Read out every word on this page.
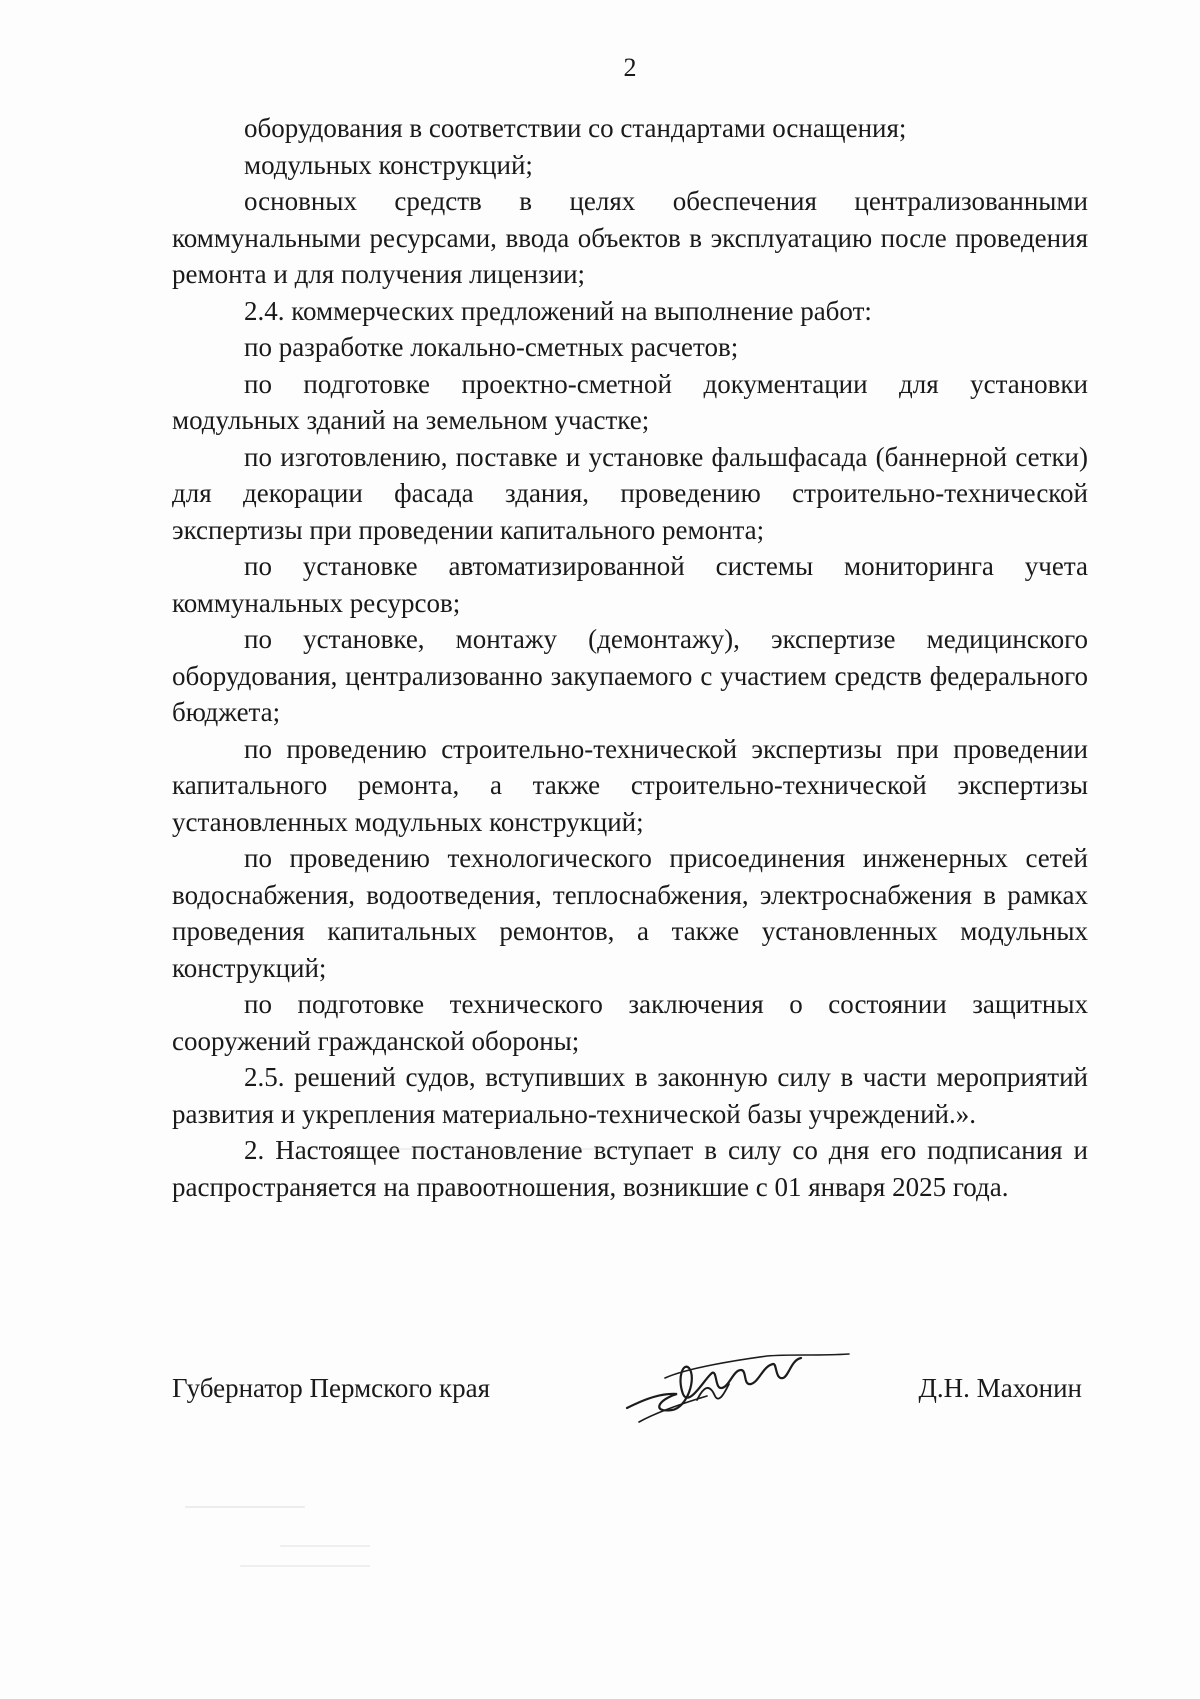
2

оборудования в соответствии со стандартами оснащения;

модульных конструкций;

основных средств в целях обеспечения централизованными коммунальными ресурсами, ввода объектов в эксплуатацию после проведения ремонта и для получения лицензии;

2.4. коммерческих предложений на выполнение работ:

по разработке локально-сметных расчетов;

по подготовке проектно-сметной документации для установки модульных зданий на земельном участке;

по изготовлению, поставке и установке фальшфасада (баннерной сетки) для декорации фасада здания, проведению строительно-технической экспертизы при проведении капитального ремонта;

по установке автоматизированной системы мониторинга учета коммунальных ресурсов;

по установке, монтажу (демонтажу), экспертизе медицинского оборудования, централизованно закупаемого с участием средств федерального бюджета;

по проведению строительно-технической экспертизы при проведении капитального ремонта, а также строительно-технической экспертизы установленных модульных конструкций;

по проведению технологического присоединения инженерных сетей водоснабжения, водоотведения, теплоснабжения, электроснабжения в рамках проведения капитальных ремонтов, а также установленных модульных конструкций;

по подготовке технического заключения о состоянии защитных сооружений гражданской обороны;

2.5. решений судов, вступивших в законную силу в части мероприятий развития и укрепления материально-технической базы учреждений.».

2. Настоящее постановление вступает в силу со дня его подписания и распространяется на правоотношения, возникшие с 01 января 2025 года.

Губернатор Пермского края	Д.Н. Махонин
